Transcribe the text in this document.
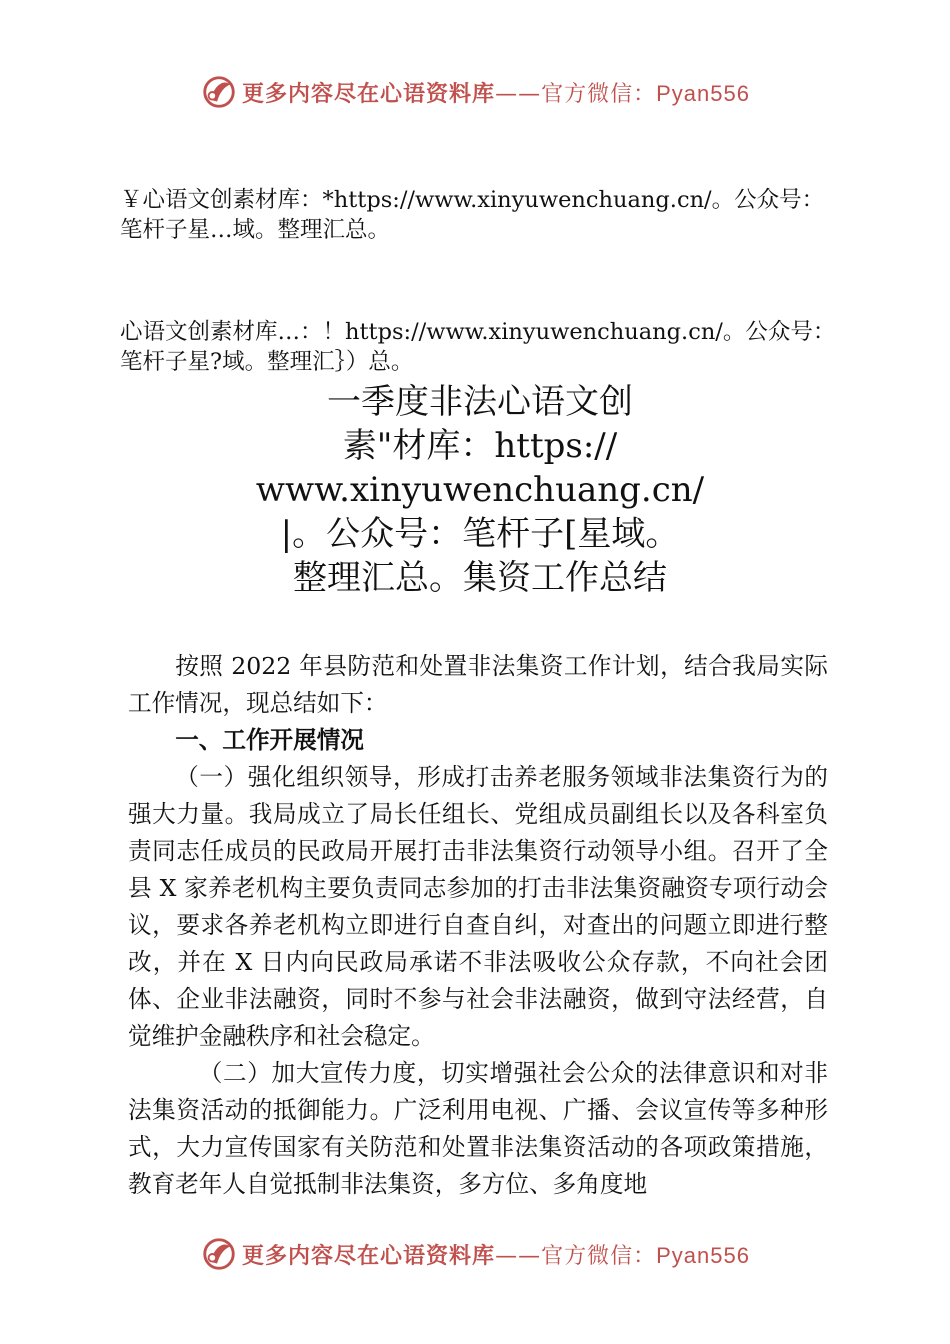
更多内容尽在心语资料库——官方微信：Pyan556
￥心语文创素材库：*https://www.xinyuwenchuang.cn/。公众号：笔杆子星…域。整理汇总。
心语文创素材库…：！https://www.xinyuwenchuang.cn/。公众号：笔杆子星?域。整理汇｝）总。
一季度非法心语文创
素"材库：https://
www.xinyuwenchuang.cn/
|。公众号：笔杆子[星域。
整理汇总。集资工作总结

按照 2022 年县防范和处置非法集资工作计划，结合我局实际工作情况，现总结如下：

一、工作开展情况

（一）强化组织领导，形成打击养老服务领域非法集资行为的强大力量。我局成立了局长任组长、党组成员副组长以及各科室负责同志任成员的民政局开展打击非法集资行动领导小组。召开了全县 X 家养老机构主要负责同志参加的打击非法集资融资专项行动会议，要求各养老机构立即进行自查自纠，对查出的问题立即进行整改，并在 X 日内向民政局承诺不非法吸收公众存款，不向社会团体、企业非法融资，同时不参与社会非法融资，做到守法经营，自觉维护金融秩序和社会稳定。

（二）加大宣传力度，切实增强社会公众的法律意识和对非法集资活动的抵御能力。广泛利用电视、广播、会议宣传等多种形式，大力宣传国家有关防范和处置非法集资活动的各项政策措施，教育老年人自觉抵制非法集资，多方位、多角度地

更多内容尽在心语资料库——官方微信：Pyan556
